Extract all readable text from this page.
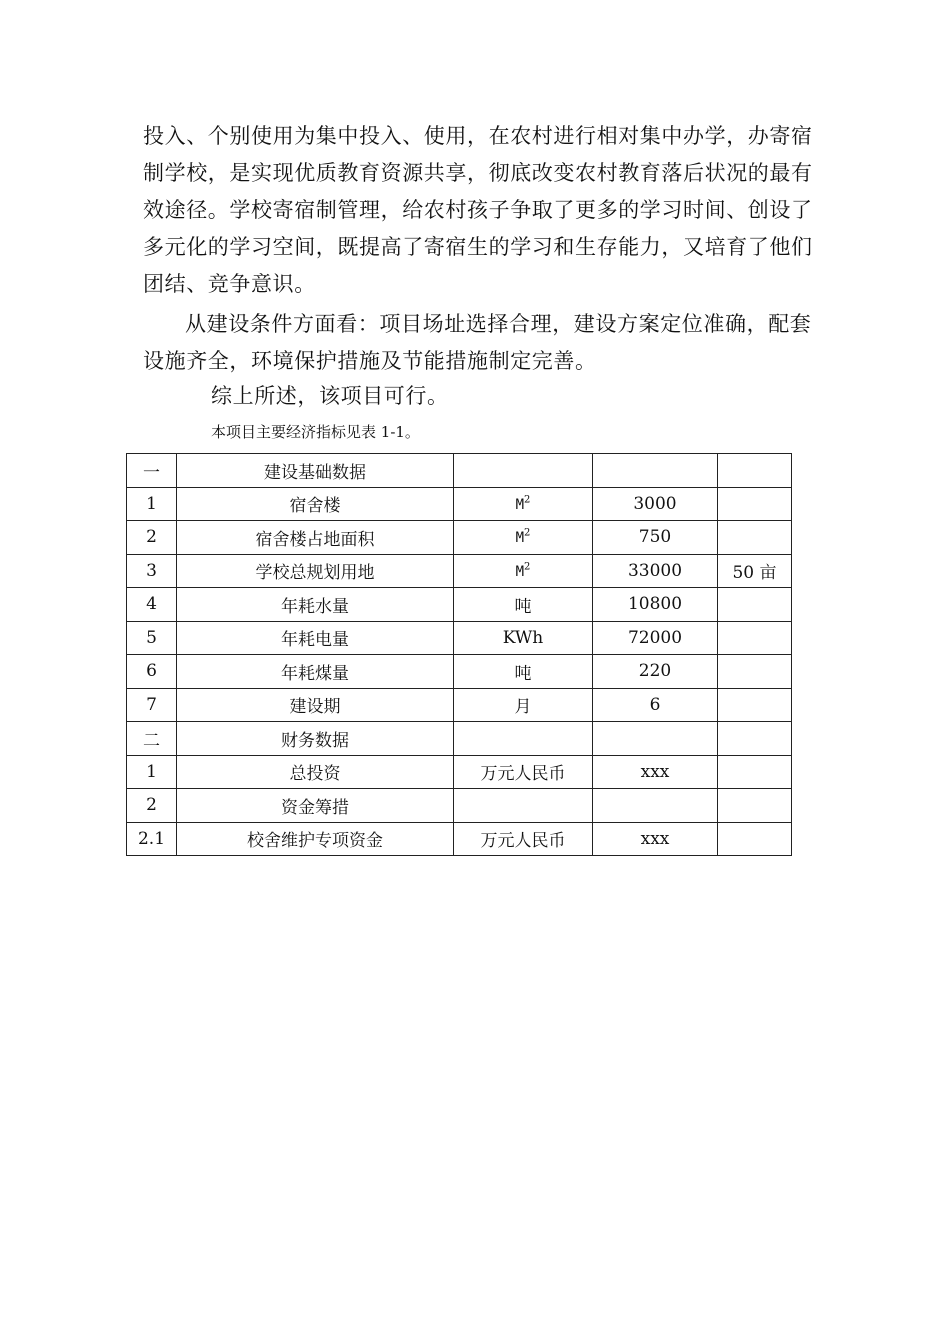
投入、个别使用为集中投入、使用，在农村进行相对集中办学，办寄宿制学校，是实现优质教育资源共享，彻底改变农村教育落后状况的最有效途径。学校寄宿制管理，给农村孩子争取了更多的学习时间、创设了多元化的学习空间，既提高了寄宿生的学习和生存能力，又培育了他们团结、竞争意识。

从建设条件方面看：项目场址选择合理，建设方案定位准确，配套设施齐全，环境保护措施及节能措施制定完善。

综上所述，该项目可行。

本项目主要经济指标见表 1-1。

一	建设基础数据			
1	宿舍楼	$M^2$	3000	
2	宿舍楼占地面积	$M^2$	750	
3	学校总规划用地	$M^2$	33000	50 亩
4	年耗水量	吨	10800	
5	年耗电量	KWh	72000	
6	年耗煤量	吨	220	
7	建设期	月	6	
二	财务数据			
1	总投资	万元人民币	xxx	
2	资金筹措			
2.1	校舍维护专项资金	万元人民币	xxx	
